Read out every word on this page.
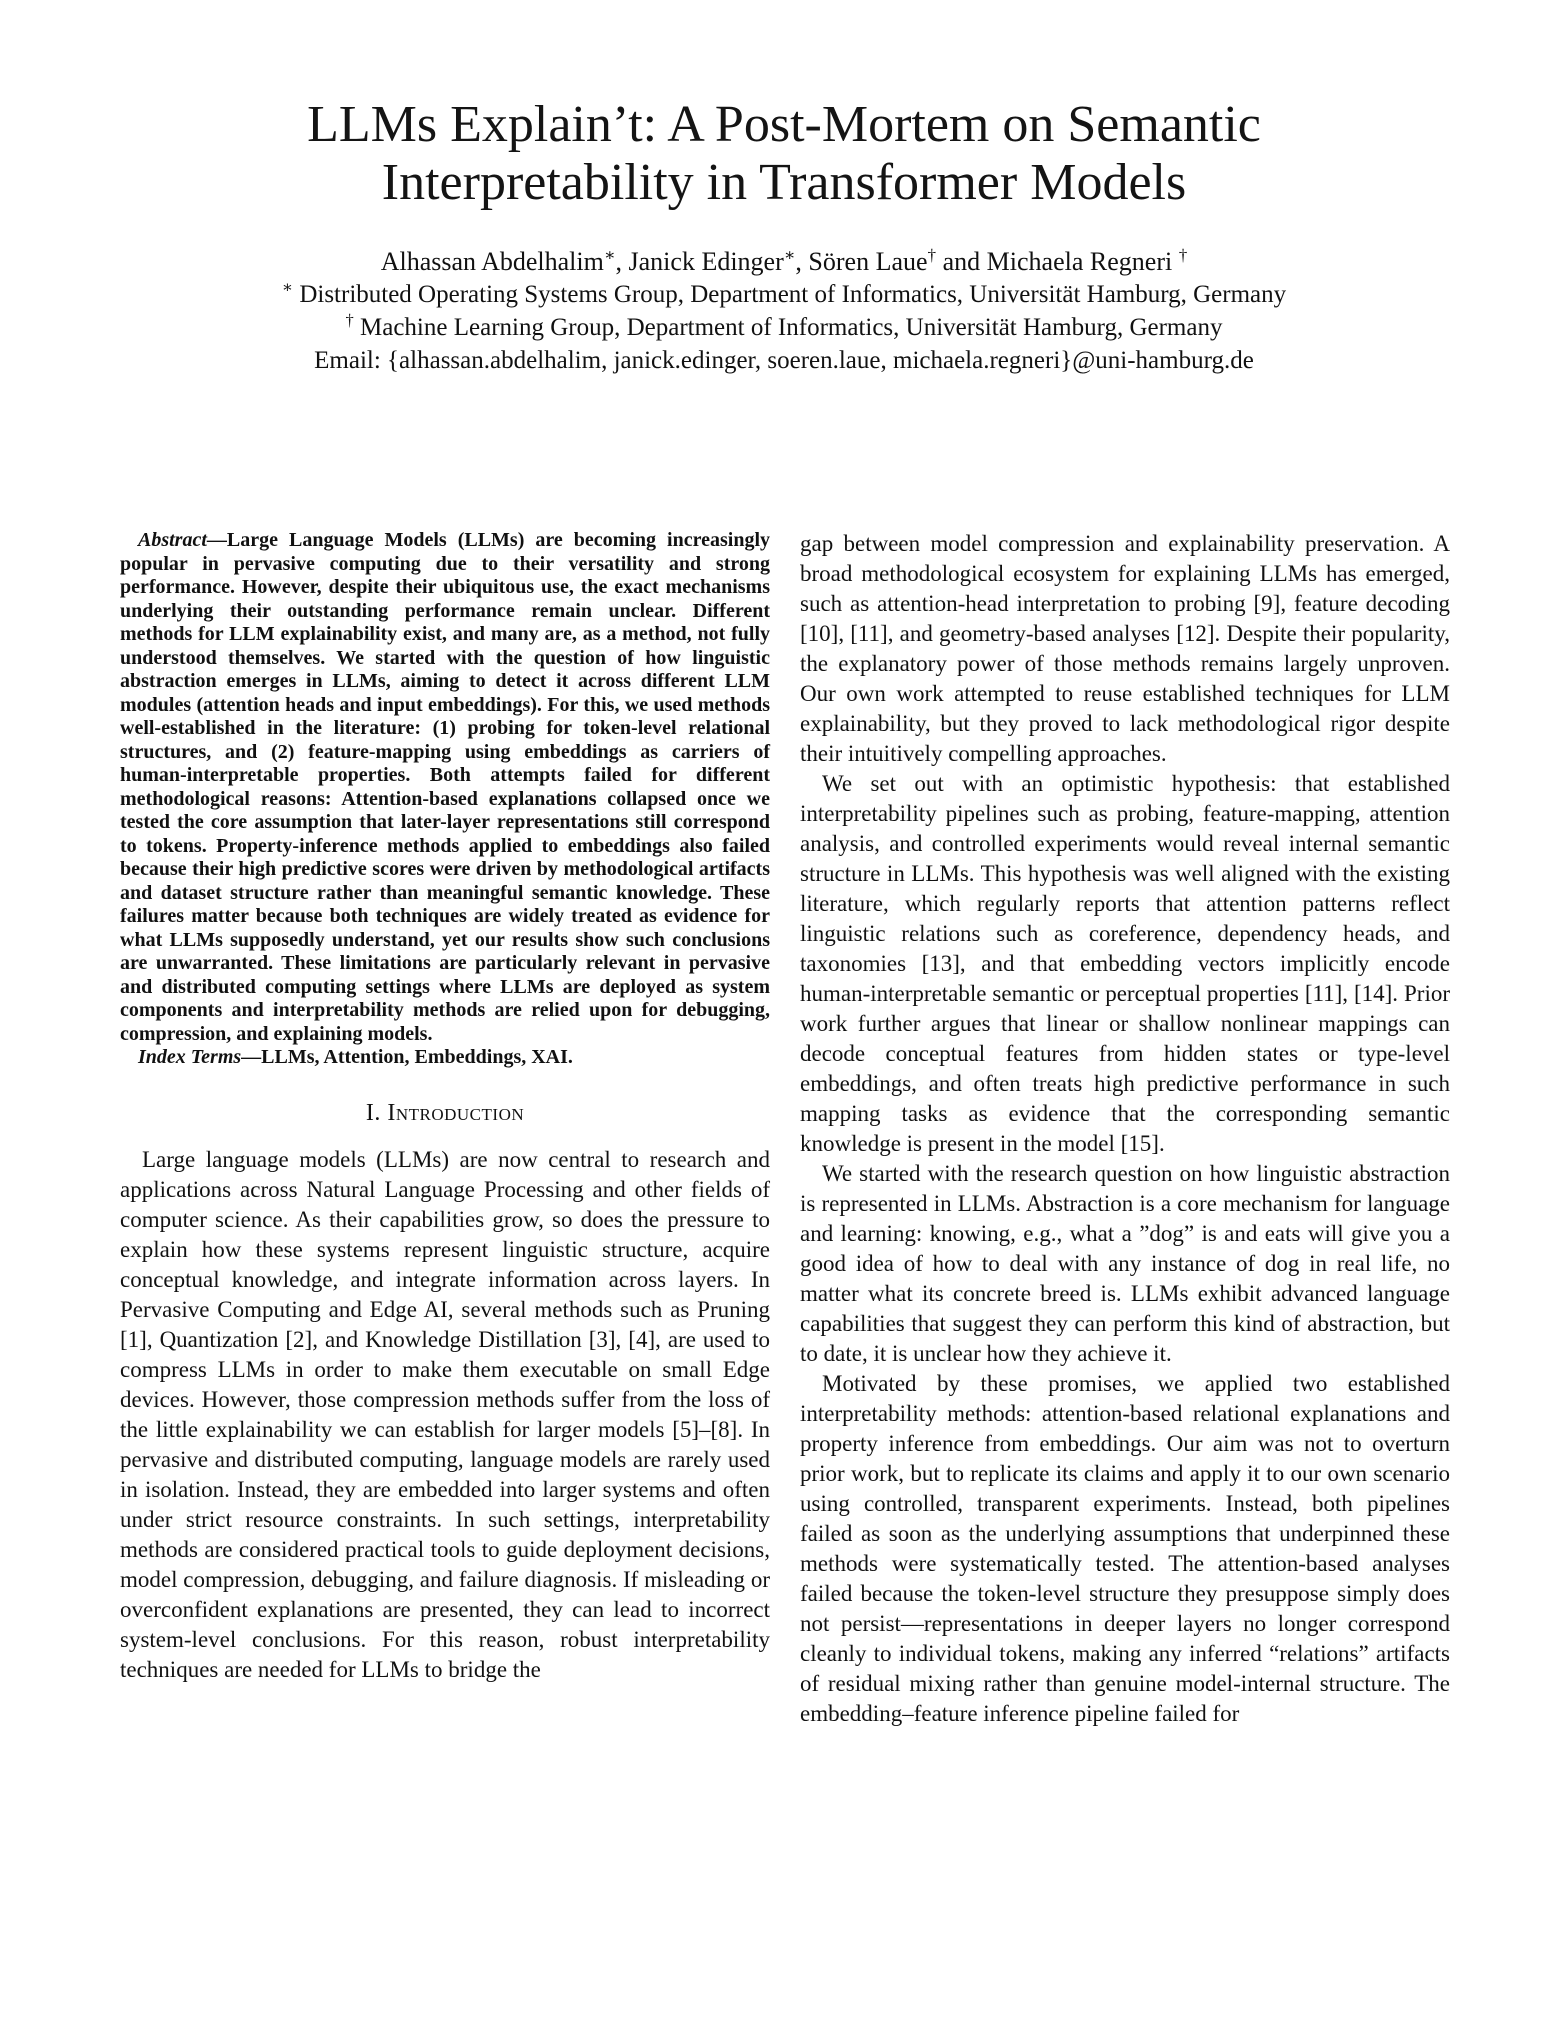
LLMs Explain’t: A Post-Mortem on Semantic Interpretability in Transformer Models
Alhassan Abdelhalim∗, Janick Edinger∗, Sören Laue† and Michaela Regneri †
∗ Distributed Operating Systems Group, Department of Informatics, Universität Hamburg, Germany
† Machine Learning Group, Department of Informatics, Universität Hamburg, Germany
Email: {alhassan.abdelhalim, janick.edinger, soeren.laue, michaela.regneri}@uni-hamburg.de

Abstract—Large Language Models (LLMs) are becoming increasingly popular in pervasive computing due to their versatility and strong performance. However, despite their ubiquitous use, the exact mechanisms underlying their outstanding performance remain unclear. Different methods for LLM explainability exist, and many are, as a method, not fully understood themselves. We started with the question of how linguistic abstraction emerges in LLMs, aiming to detect it across different LLM modules (attention heads and input embeddings). For this, we used methods well-established in the literature: (1) probing for token-level relational structures, and (2) feature-mapping using embeddings as carriers of human-interpretable properties. Both attempts failed for different methodological reasons: Attention-based explanations collapsed once we tested the core assumption that later-layer representations still correspond to tokens. Property-inference methods applied to embeddings also failed because their high predictive scores were driven by methodological artifacts and dataset structure rather than meaningful semantic knowledge. These failures matter because both techniques are widely treated as evidence for what LLMs supposedly understand, yet our results show such conclusions are unwarranted. These limitations are particularly relevant in pervasive and distributed computing settings where LLMs are deployed as system components and interpretability methods are relied upon for debugging, compression, and explaining models.

Index Terms—LLMs, Attention, Embeddings, XAI.

I. Introduction

Large language models (LLMs) are now central to research and applications across Natural Language Processing and other fields of computer science. As their capabilities grow, so does the pressure to explain how these systems represent linguistic structure, acquire conceptual knowledge, and integrate information across layers. In Pervasive Computing and Edge AI, several methods such as Pruning [1], Quantization [2], and Knowledge Distillation [3], [4], are used to compress LLMs in order to make them executable on small Edge devices. However, those compression methods suffer from the loss of the little explainability we can establish for larger models [5]–[8]. In pervasive and distributed computing, language models are rarely used in isolation. Instead, they are embedded into larger systems and often under strict resource constraints. In such settings, interpretability methods are considered practical tools to guide deployment decisions, model compression, debugging, and failure diagnosis. If misleading or overconfident explanations are presented, they can lead to incorrect system-level conclusions. For this reason, robust interpretability techniques are needed for LLMs to bridge the

gap between model compression and explainability preservation. A broad methodological ecosystem for explaining LLMs has emerged, such as attention-head interpretation to probing [9], feature decoding [10], [11], and geometry-based analyses [12]. Despite their popularity, the explanatory power of those methods remains largely unproven. Our own work attempted to reuse established techniques for LLM explainability, but they proved to lack methodological rigor despite their intuitively compelling approaches.

We set out with an optimistic hypothesis: that established interpretability pipelines such as probing, feature-mapping, attention analysis, and controlled experiments would reveal internal semantic structure in LLMs. This hypothesis was well aligned with the existing literature, which regularly reports that attention patterns reflect linguistic relations such as coreference, dependency heads, and taxonomies [13], and that embedding vectors implicitly encode human-interpretable semantic or perceptual properties [11], [14]. Prior work further argues that linear or shallow nonlinear mappings can decode conceptual features from hidden states or type-level embeddings, and often treats high predictive performance in such mapping tasks as evidence that the corresponding semantic knowledge is present in the model [15].

We started with the research question on how linguistic abstraction is represented in LLMs. Abstraction is a core mechanism for language and learning: knowing, e.g., what a ”dog” is and eats will give you a good idea of how to deal with any instance of dog in real life, no matter what its concrete breed is. LLMs exhibit advanced language capabilities that suggest they can perform this kind of abstraction, but to date, it is unclear how they achieve it.

Motivated by these promises, we applied two established interpretability methods: attention-based relational explanations and property inference from embeddings. Our aim was not to overturn prior work, but to replicate its claims and apply it to our own scenario using controlled, transparent experiments. Instead, both pipelines failed as soon as the underlying assumptions that underpinned these methods were systematically tested. The attention-based analyses failed because the token-level structure they presuppose simply does not persist—representations in deeper layers no longer correspond cleanly to individual tokens, making any inferred “relations” artifacts of residual mixing rather than genuine model-internal structure. The embedding–feature inference pipeline failed for
